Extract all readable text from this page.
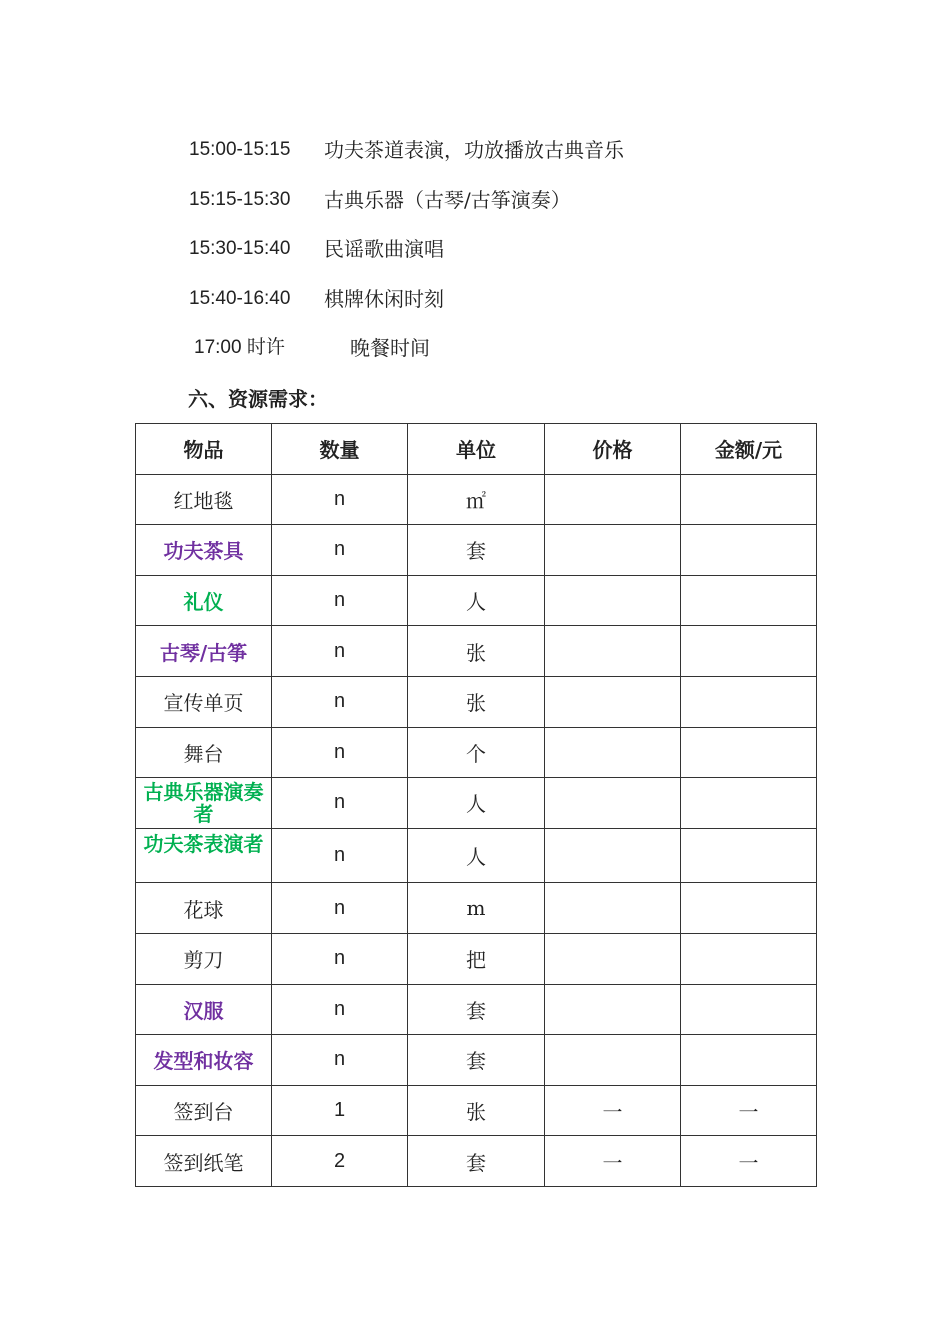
15:00-15:15 功夫茶道表演，功放播放古典音乐
15:15-15:30 古典乐器（古琴/古筝演奏）
15:30-15:40 民谣歌曲演唱
15:40-16:40 棋牌休闲时刻
17:00 时许	晚餐时间
六、资源需求：
物品	数量	单位	价格	金额/元
红地毯	n	㎡		
功夫茶具	n	套		
礼仪	n	人		
古琴/古筝	n	张		
宣传单页	n	张		
舞台	n	个		
古典乐器演奏者	n	人		
功夫茶表演者	n	人		
花球	n	m		
剪刀	n	把		
汉服	n	套		
发型和妆容	n	套		
签到台	1	张	一	一
签到纸笔	2	套	一	一
